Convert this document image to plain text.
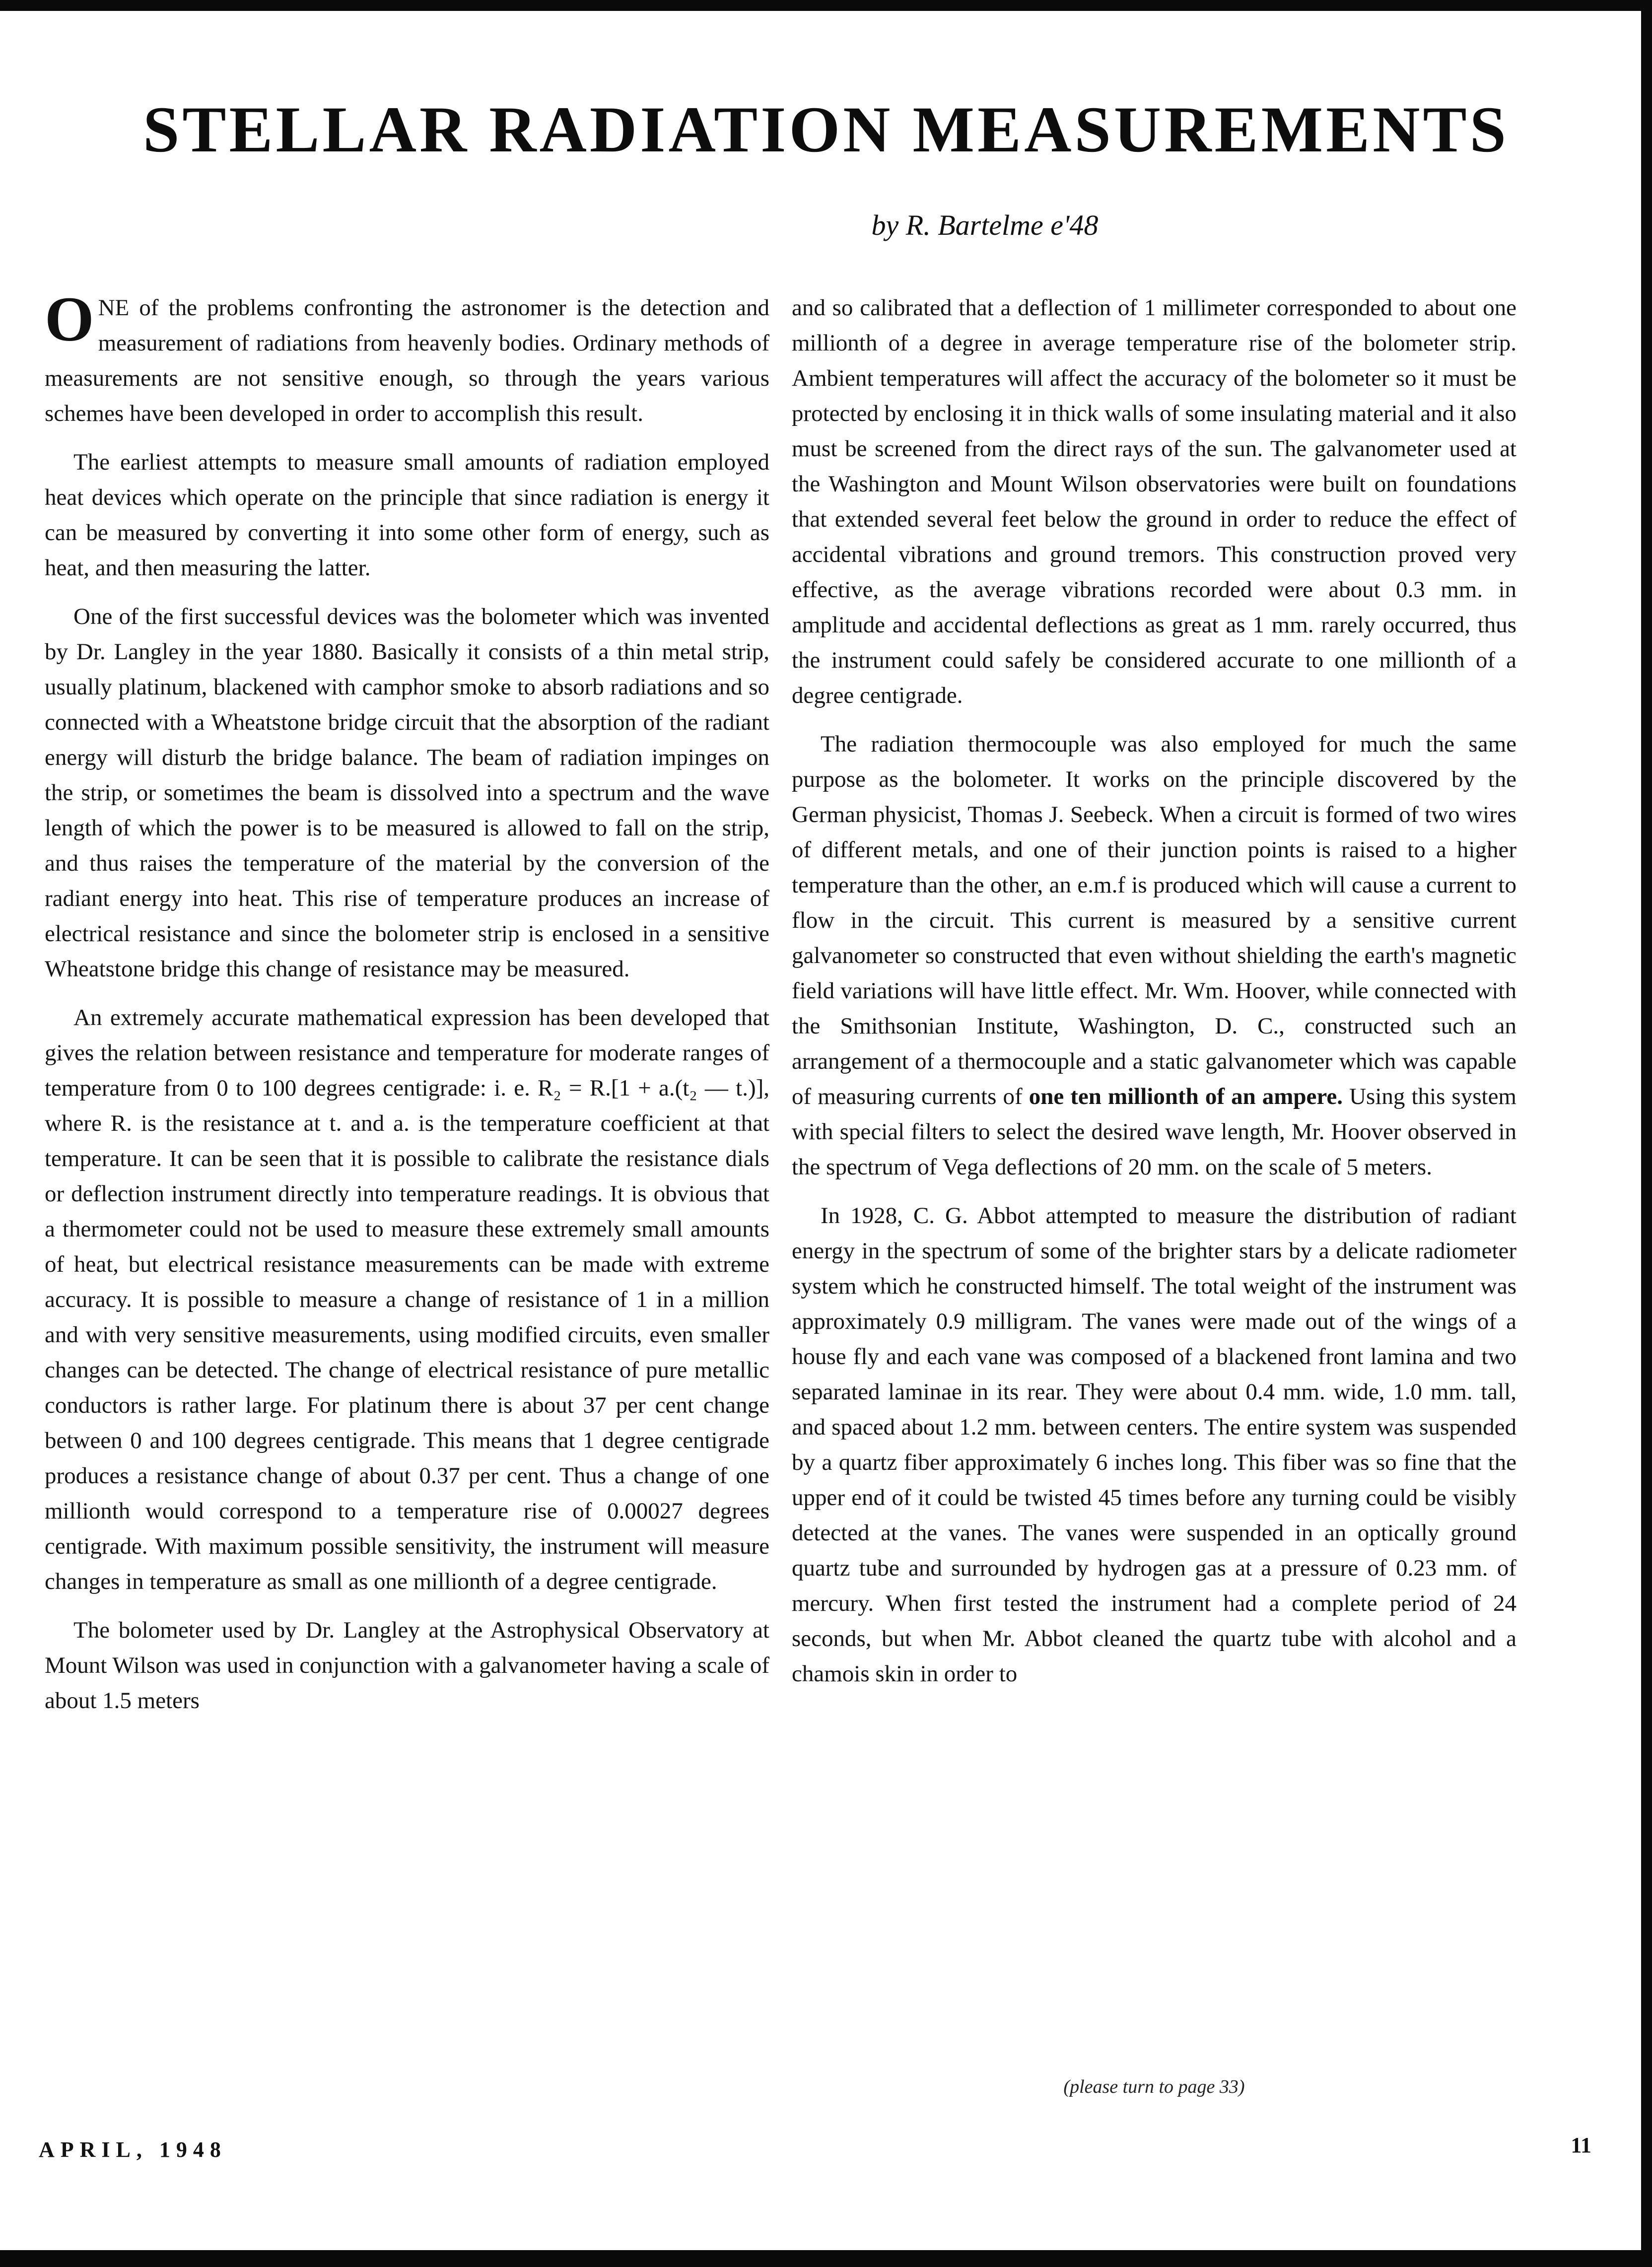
STELLAR RADIATION MEASUREMENTS
by R. Bartelme e'48

ONE of the problems confronting the astronomer is the detection and measurement of radiations from heavenly bodies. Ordinary methods of measurements are not sensitive enough, so through the years various schemes have been developed in order to accomplish this result.

The earliest attempts to measure small amounts of radiation employed heat devices which operate on the principle that since radiation is energy it can be measured by converting it into some other form of energy, such as heat, and then measuring the latter.

One of the first successful devices was the bolometer which was invented by Dr. Langley in the year 1880. Basically it consists of a thin metal strip, usually platinum, blackened with camphor smoke to absorb radiations and so connected with a Wheatstone bridge circuit that the absorption of the radiant energy will disturb the bridge balance. The beam of radiation impinges on the strip, or sometimes the beam is dissolved into a spectrum and the wave length of which the power is to be measured is allowed to fall on the strip, and thus raises the temperature of the material by the conversion of the radiant energy into heat. This rise of temperature produces an increase of electrical resistance and since the bolometer strip is enclosed in a sensitive Wheatstone bridge this change of resistance may be measured.

An extremely accurate mathematical expression has been developed that gives the relation between resistance and temperature for moderate ranges of temperature from 0 to 100 degrees centigrade: i. e. R₂ = R.[1 + a.(t₂ — t.)], where R. is the resistance at t. and a. is the temperature coefficient at that temperature. It can be seen that it is possible to calibrate the resistance dials or deflection instrument directly into temperature readings. It is obvious that a thermometer could not be used to measure these extremely small amounts of heat, but electrical resistance measurements can be made with extreme accuracy. It is possible to measure a change of resistance of 1 in a million and with very sensitive measurements, using modified circuits, even smaller changes can be detected. The change of electrical resistance of pure metallic conductors is rather large. For platinum there is about 37 per cent change between 0 and 100 degrees centigrade. This means that 1 degree centigrade produces a resistance change of about 0.37 per cent. Thus a change of one millionth would correspond to a temperature rise of 0.00027 degrees centigrade. With maximum possible sensitivity, the instrument will measure changes in temperature as small as one millionth of a degree centigrade.

The bolometer used by Dr. Langley at the Astrophysical Observatory at Mount Wilson was used in conjunction with a galvanometer having a scale of about 1.5 meters

and so calibrated that a deflection of 1 millimeter corresponded to about one millionth of a degree in average temperature rise of the bolometer strip. Ambient temperatures will affect the accuracy of the bolometer so it must be protected by enclosing it in thick walls of some insulating material and it also must be screened from the direct rays of the sun. The galvanometer used at the Washington and Mount Wilson observatories were built on foundations that extended several feet below the ground in order to reduce the effect of accidental vibrations and ground tremors. This construction proved very effective, as the average vibrations recorded were about 0.3 mm. in amplitude and accidental deflections as great as 1 mm. rarely occurred, thus the instrument could safely be considered accurate to one millionth of a degree centigrade.

The radiation thermocouple was also employed for much the same purpose as the bolometer. It works on the principle discovered by the German physicist, Thomas J. Seebeck. When a circuit is formed of two wires of different metals, and one of their junction points is raised to a higher temperature than the other, an e.m.f is produced which will cause a current to flow in the circuit. This current is measured by a sensitive current galvanometer so constructed that even without shielding the earth's magnetic field variations will have little effect. Mr. Wm. Hoover, while connected with the Smithsonian Institute, Washington, D. C., constructed such an arrangement of a thermocouple and a static galvanometer which was capable of measuring currents of one ten millionth of an ampere. Using this system with special filters to select the desired wave length, Mr. Hoover observed in the spectrum of Vega deflections of 20 mm. on the scale of 5 meters.

In 1928, C. G. Abbot attempted to measure the distribution of radiant energy in the spectrum of some of the brighter stars by a delicate radiometer system which he constructed himself. The total weight of the instrument was approximately 0.9 milligram. The vanes were made out of the wings of a house fly and each vane was composed of a blackened front lamina and two separated laminae in its rear. They were about 0.4 mm. wide, 1.0 mm. tall, and spaced about 1.2 mm. between centers. The entire system was suspended by a quartz fiber approximately 6 inches long. This fiber was so fine that the upper end of it could be twisted 45 times before any turning could be visibly detected at the vanes. The vanes were suspended in an optically ground quartz tube and surrounded by hydrogen gas at a pressure of 0.23 mm. of mercury. When first tested the instrument had a complete period of 24 seconds, but when Mr. Abbot cleaned the quartz tube with alcohol and a chamois skin in order to

(please turn to page 33)
APRIL, 1948	11
